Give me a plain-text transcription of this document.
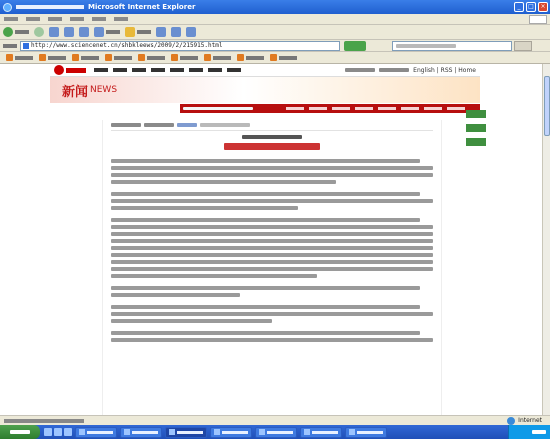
Microsoft Internet Explorer	_	□	×
http://www.sciencenet.cn/shbkleews/2009/2/215915.html
English | RSS | Home
新闻 NEWS
Internet
